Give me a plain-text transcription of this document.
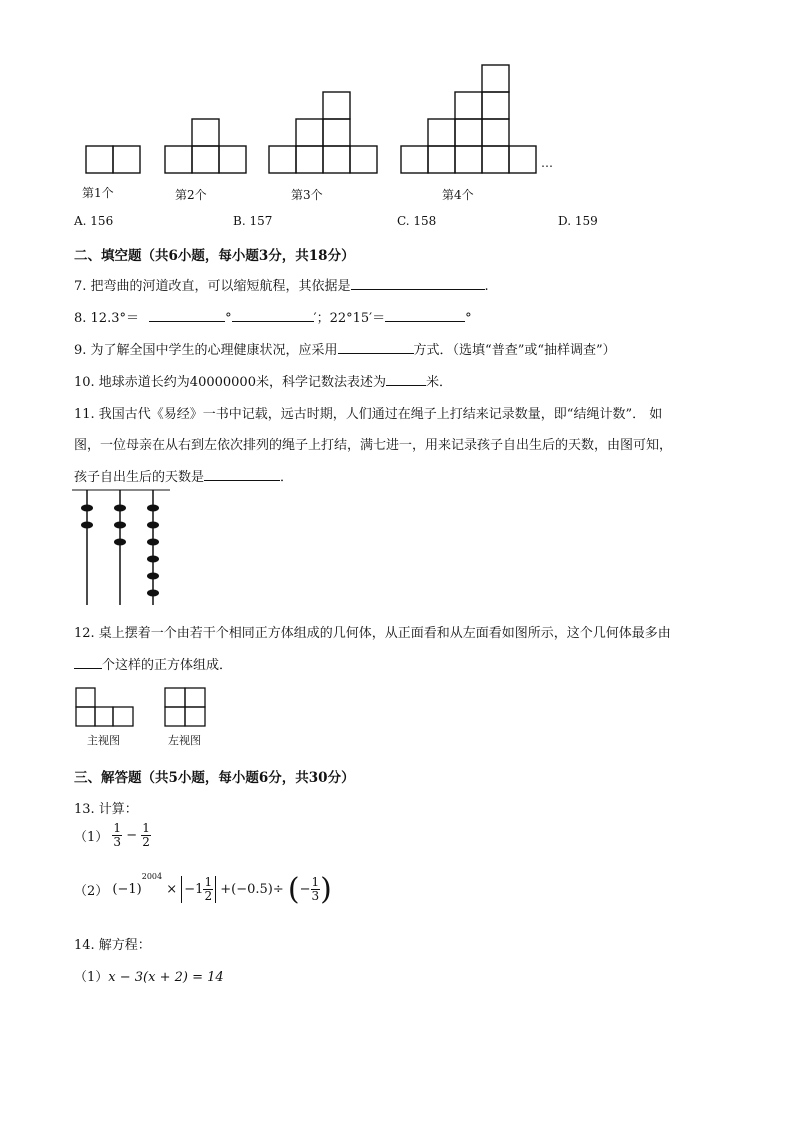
…
第1个	第2个	第3个	第4个
A. 156	B. 157	C. 158	D. 159
二、填空题（共6小题，每小题3分，共18分）
7. 把弯曲的河道改直，可以缩短航程，其依据是	.
8. 12.3°＝	°	′；22°15′＝	°
9. 为了解全国中学生的心理健康状况，应采用	方式．（选填“普查”或“抽样调查”）
10. 地球赤道长约为40000000米，科学记数法表述为	米．
11. 我国古代《易经》一书中记载，远古时期，人们通过在绳子上打结来记录数量，即“结绳计数”． 如
图，一位母亲在从右到左依次排列的绳子上打结，满七进一，用来记录孩子自出生后的天数，由图可知，
孩子自出生后的天数是	．
12. 桌上摆着一个由若干个相同正方体组成的几何体，从正面看和从左面看如图所示，这个几何体最多由
个这样的正方体组成．
主视图	左视图
三、解答题（共5小题，每小题6分，共30分）
13. 计算：
$(1) \frac{1}{3} - \frac{1}{2}$
（2） $(-1)^{2004} \times -1 \frac{1}{2} +(-0.5)\div$ (− $\frac{1}{3}$ )
14. 解方程：
（1）x − 3(x + 2) = 14
